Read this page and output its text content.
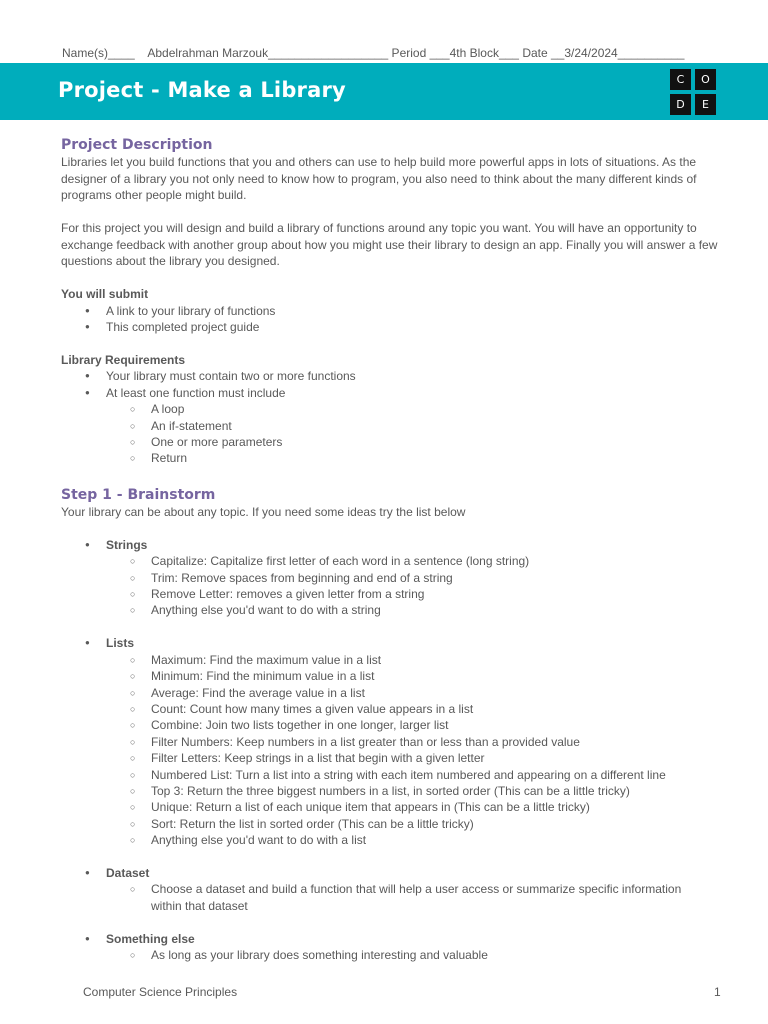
Name(s)____    Abdelrahman Marzouk__________________ Period ___4th Block___ Date __3/24/2024__________
Project - Make a Library	C	O
D	E
Project Description

Libraries let you build functions that you and others can use to help build more powerful apps in lots of situations. As the designer of a library you not only need to know how to program, you also need to think about the many different kinds of programs other people might build.

For this project you will design and build a library of functions around any topic you want. You will have an opportunity to exchange feedback with another group about how you might use their library to design an app. Finally you will answer a few questions about the library you designed.

You will submit
● A link to your library of functions
● This completed project guide
Library Requirements
● Your library must contain two or more functions
● At least one function must include
○ A loop
○ An if-statement
○ One or more parameters
○ Return
Step 1 - Brainstorm

Your library can be about any topic. If you need some ideas try the list below

● Strings
○ Capitalize: Capitalize first letter of each word in a sentence (long string)
○ Trim: Remove spaces from beginning and end of a string
○ Remove Letter: removes a given letter from a string
○ Anything else you'd want to do with a string
● Lists
○ Maximum: Find the maximum value in a list
○ Minimum: Find the minimum value in a list
○ Average: Find the average value in a list
○ Count: Count how many times a given value appears in a list
○ Combine: Join two lists together in one longer, larger list
○ Filter Numbers: Keep numbers in a list greater than or less than a provided value
○ Filter Letters: Keep strings in a list that begin with a given letter
○ Numbered List: Turn a list into a string with each item numbered and appearing on a different line
○ Top 3: Return the three biggest numbers in a list, in sorted order (This can be a little tricky)
○ Unique: Return a list of each unique item that appears in (This can be a little tricky)
○ Sort: Return the list in sorted order (This can be a little tricky)
○ Anything else you'd want to do with a list
● Dataset
○ Choose a dataset and build a function that will help a user access or summarize specific information within that dataset
● Something else
○ As long as your library does something interesting and valuable
Computer Science Principles	1
